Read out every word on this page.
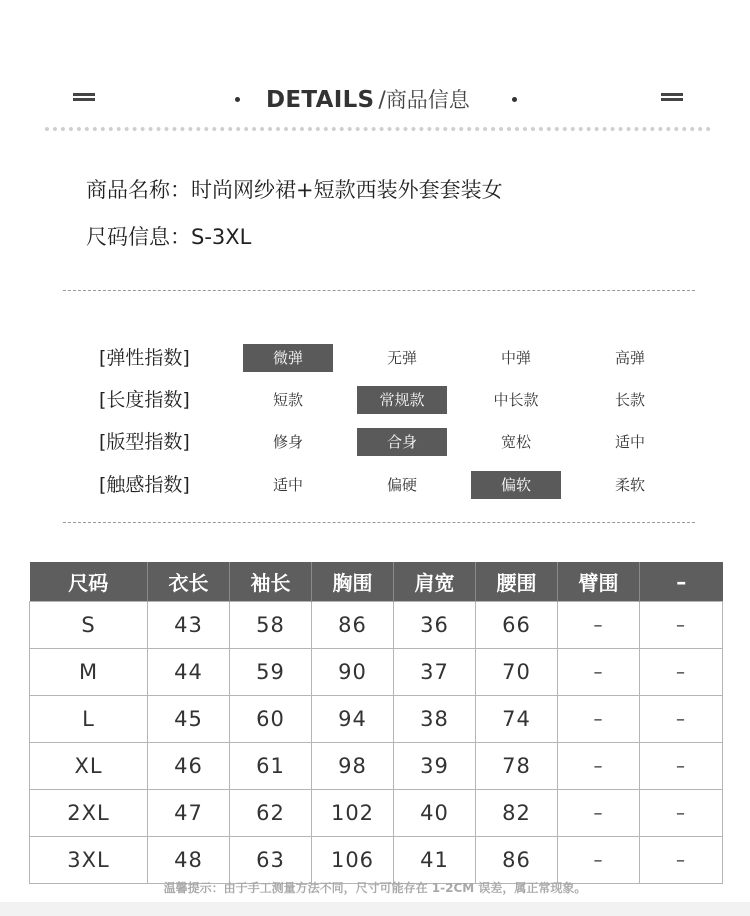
DETAILS / 商品信息
商品名称：时尚网纱裙+短款西装外套套装女
尺码信息：S-3XL
[弹性指数]	微弹	无弹	中弹	高弹
[长度指数]	短款	常规款	中长款	长款
[版型指数]	修身	合身	宽松	适中
[触感指数]	适中	偏硬	偏软	柔软
尺码	衣长	袖长	胸围	肩宽	腰围	臂围	–
S	43	58	86	36	66	–	–
M	44	59	90	37	70	–	–
L	45	60	94	38	74	–	–
XL	46	61	98	39	78	–	–
2XL	47	62	102	40	82	–	–
3XL	48	63	106	41	86	–	–
温馨提示：由于手工测量方法不同，尺寸可能存在 1-2CM 误差，属正常现象。
